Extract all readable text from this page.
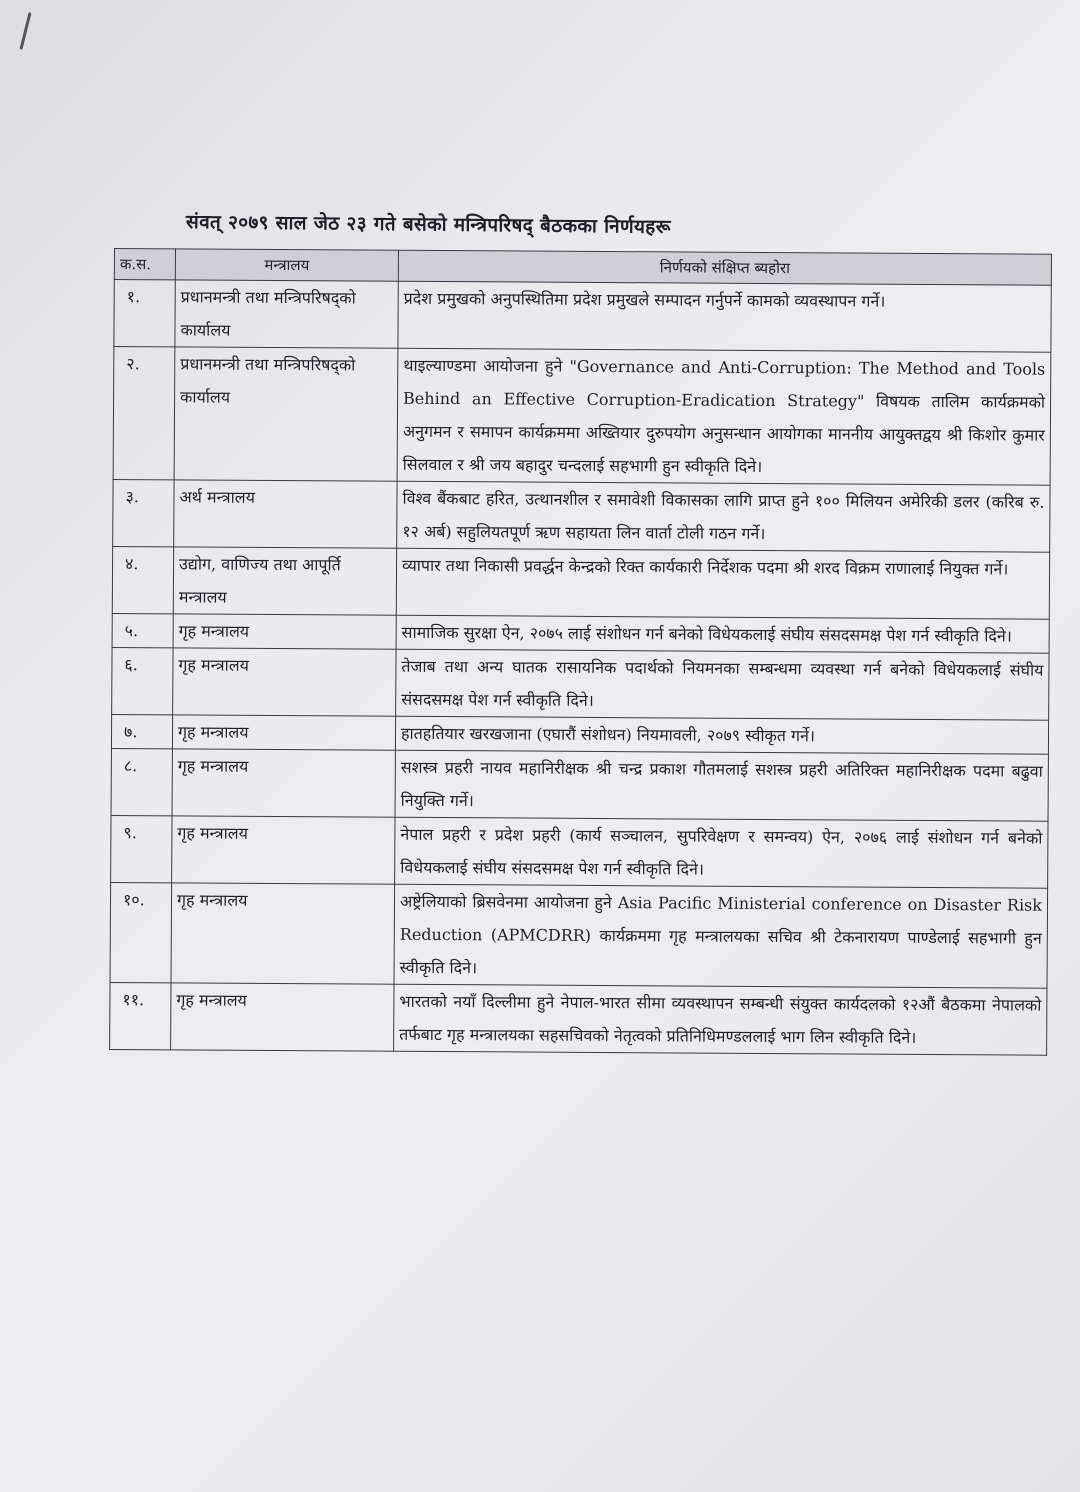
संवत् २०७९ साल जेठ २३ गते बसेको मन्त्रिपरिषद् बैठकका निर्णयहरू
क.स.	मन्त्रालय	निर्णयको संक्षिप्त ब्यहोरा
१.	प्रधानमन्त्री तथा मन्त्रिपरिषद्को कार्यालय	प्रदेश प्रमुखको अनुपस्थितिमा प्रदेश प्रमुखले सम्पादन गर्नुपर्ने कामको व्यवस्थापन गर्ने।
२.	प्रधानमन्त्री तथा मन्त्रिपरिषद्को कार्यालय	थाइल्याण्डमा आयोजना हुने "Governance and Anti-Corruption: The Method and Tools Behind an Effective Corruption-Eradication Strategy" विषयक तालिम कार्यक्रमको अनुगमन र समापन कार्यक्रममा अख्तियार दुरुपयोग अनुसन्धान आयोगका माननीय आयुक्तद्वय श्री किशोर कुमार सिलवाल र श्री जय बहादुर चन्दलाई सहभागी हुन स्वीकृति दिने।
३.	अर्थ मन्त्रालय	विश्व बैंकबाट हरित, उत्थानशील र समावेशी विकासका लागि प्राप्त हुने १०० मिलियन अमेरिकी डलर (करिब रु. १२ अर्ब) सहुलियतपूर्ण ऋण सहायता लिन वार्ता टोली गठन गर्ने।
४.	उद्योग, वाणिज्य तथा आपूर्ति मन्त्रालय	व्यापार तथा निकासी प्रवर्द्धन केन्द्रको रिक्त कार्यकारी निर्देशक पदमा श्री शरद विक्रम राणालाई नियुक्त गर्ने।
५.	गृह मन्त्रालय	सामाजिक सुरक्षा ऐन, २०७५ लाई संशोधन गर्न बनेको विधेयकलाई संघीय संसदसमक्ष पेश गर्न स्वीकृति दिने।
६.	गृह मन्त्रालय	तेजाब तथा अन्य घातक रासायनिक पदार्थको नियमनका सम्बन्धमा व्यवस्था गर्न बनेको विधेयकलाई संघीय संसदसमक्ष पेश गर्न स्वीकृति दिने।
७.	गृह मन्त्रालय	हातहतियार खरखजाना (एघारौं संशोधन) नियमावली, २०७९ स्वीकृत गर्ने।
८.	गृह मन्त्रालय	सशस्त्र प्रहरी नायव महानिरीक्षक श्री चन्द्र प्रकाश गौतमलाई सशस्त्र प्रहरी अतिरिक्त महानिरीक्षक पदमा बढुवा नियुक्ति गर्ने।
९.	गृह मन्त्रालय	नेपाल प्रहरी र प्रदेश प्रहरी (कार्य सञ्चालन, सुपरिवेक्षण र समन्वय) ऐन, २०७६ लाई संशोधन गर्न बनेको विधेयकलाई संघीय संसदसमक्ष पेश गर्न स्वीकृति दिने।
१०.	गृह मन्त्रालय	अष्ट्रेलियाको ब्रिसवेनमा आयोजना हुने Asia Pacific Ministerial conference on Disaster Risk Reduction (APMCDRR) कार्यक्रममा गृह मन्त्रालयका सचिव श्री टेकनारायण पाण्डेलाई सहभागी हुन स्वीकृति दिने।
११.	गृह मन्त्रालय	भारतको नयाँ दिल्लीमा हुने नेपाल-भारत सीमा व्यवस्थापन सम्बन्धी संयुक्त कार्यदलको १२औं बैठकमा नेपालको तर्फबाट गृह मन्त्रालयका सहसचिवको नेतृत्वको प्रतिनिधिमण्डललाई भाग लिन स्वीकृति दिने।
